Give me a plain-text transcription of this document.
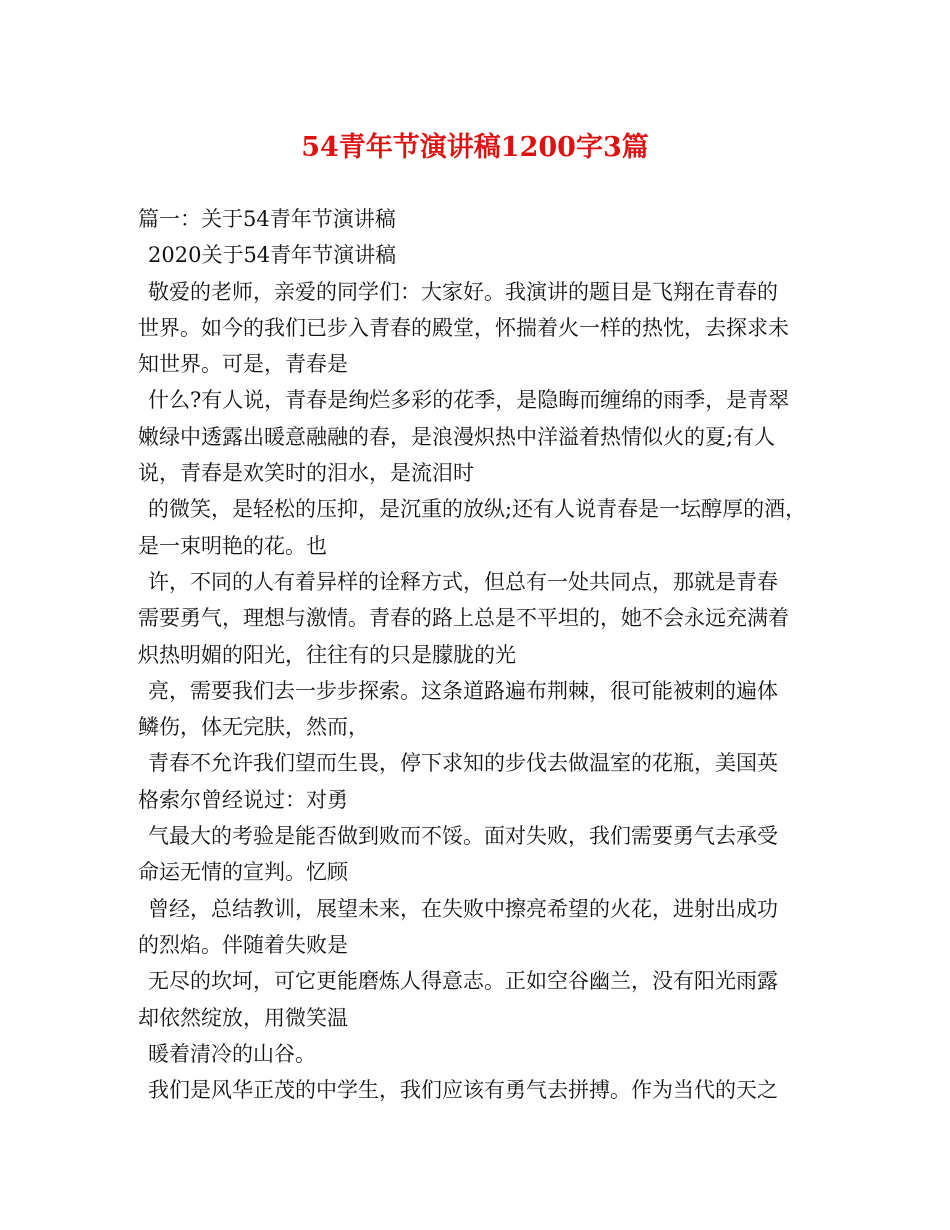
54青年节演讲稿1200字3篇
篇一：关于54青年节演讲稿
2020关于54青年节演讲稿
敬爱的老师，亲爱的同学们：大家好。我演讲的题目是飞翔在青春的
世界。如今的我们已步入青春的殿堂，怀揣着火一样的热忱，去探求未
知世界。可是，青春是
什么?有人说，青春是绚烂多彩的花季，是隐晦而缠绵的雨季，是青翠
嫩绿中透露出暖意融融的春，是浪漫炽热中洋溢着热情似火的夏;有人
说，青春是欢笑时的泪水，是流泪时
的微笑，是轻松的压抑，是沉重的放纵;还有人说青春是一坛醇厚的酒，
是一束明艳的花。也
许，不同的人有着异样的诠释方式，但总有一处共同点，那就是青春
需要勇气，理想与激情。青春的路上总是不平坦的，她不会永远充满着
炽热明媚的阳光，往往有的只是朦胧的光
亮，需要我们去一步步探索。这条道路遍布荆棘，很可能被刺的遍体
鳞伤，体无完肤，然而，
青春不允许我们望而生畏，停下求知的步伐去做温室的花瓶，美国英
格索尔曾经说过：对勇
气最大的考验是能否做到败而不馁。面对失败，我们需要勇气去承受
命运无情的宣判。忆顾
曾经，总结教训，展望未来，在失败中擦亮希望的火花，进射出成功
的烈焰。伴随着失败是
无尽的坎坷，可它更能磨炼人得意志。正如空谷幽兰，没有阳光雨露
却依然绽放，用微笑温
暖着清冷的山谷。
我们是风华正茂的中学生，我们应该有勇气去拼搏。作为当代的天之
